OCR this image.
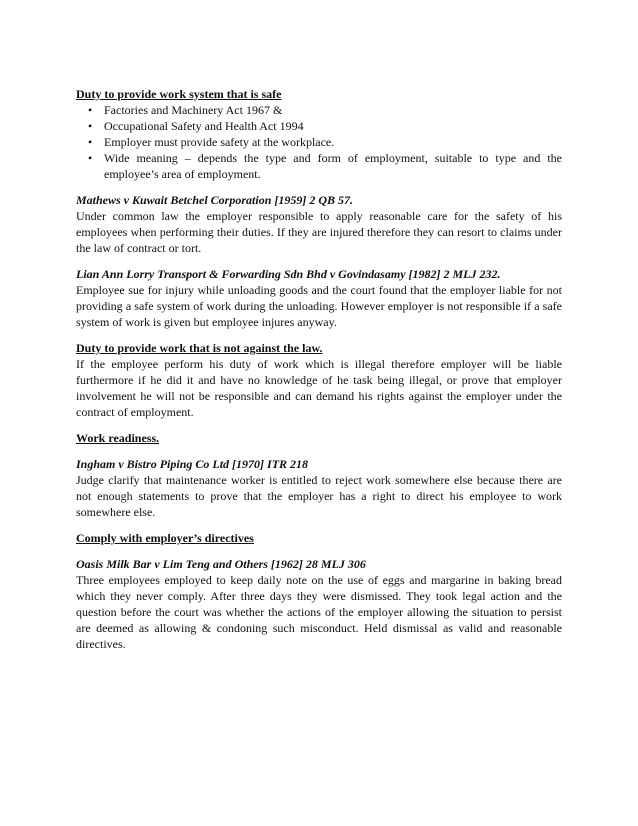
Duty to provide work system that is safe

• Factories and Machinery Act 1967 &
• Occupational Safety and Health Act 1994
• Employer must provide safety at the workplace.
• Wide meaning – depends the type and form of employment, suitable to type and the employee’s area of employment.

Mathews v Kuwait Betchel Corporation [1959] 2 QB 57.

Under common law the employer responsible to apply reasonable care for the safety of his employees when performing their duties. If they are injured therefore they can resort to claims under the law of contract or tort.

Lian Ann Lorry Transport & Forwarding Sdn Bhd v Govindasamy [1982] 2 MLJ 232.

Employee sue for injury while unloading goods and the court found that the employer liable for not providing a safe system of work during the unloading. However employer is not responsible if a safe system of work is given but employee injures anyway.

Duty to provide work that is not against the law.

If the employee perform his duty of work which is illegal therefore employer will be liable furthermore if he did it and have no knowledge of he task being illegal, or prove that employer involvement he will not be responsible and can demand his rights against the employer under the contract of employment.

Work readiness.

Ingham v Bistro Piping Co Ltd [1970] ITR 218

Judge clarify that maintenance worker is entitled to reject work somewhere else because there are not enough statements to prove that the employer has a right to direct his employee to work somewhere else.

Comply with employer’s directives

Oasis Milk Bar v Lim Teng and Others [1962] 28 MLJ 306

Three employees employed to keep daily note on the use of eggs and margarine in baking bread which they never comply. After three days they were dismissed. They took legal action and the question before the court was whether the actions of the employer allowing the situation to persist are deemed as allowing & condoning such misconduct. Held dismissal as valid and reasonable directives.
